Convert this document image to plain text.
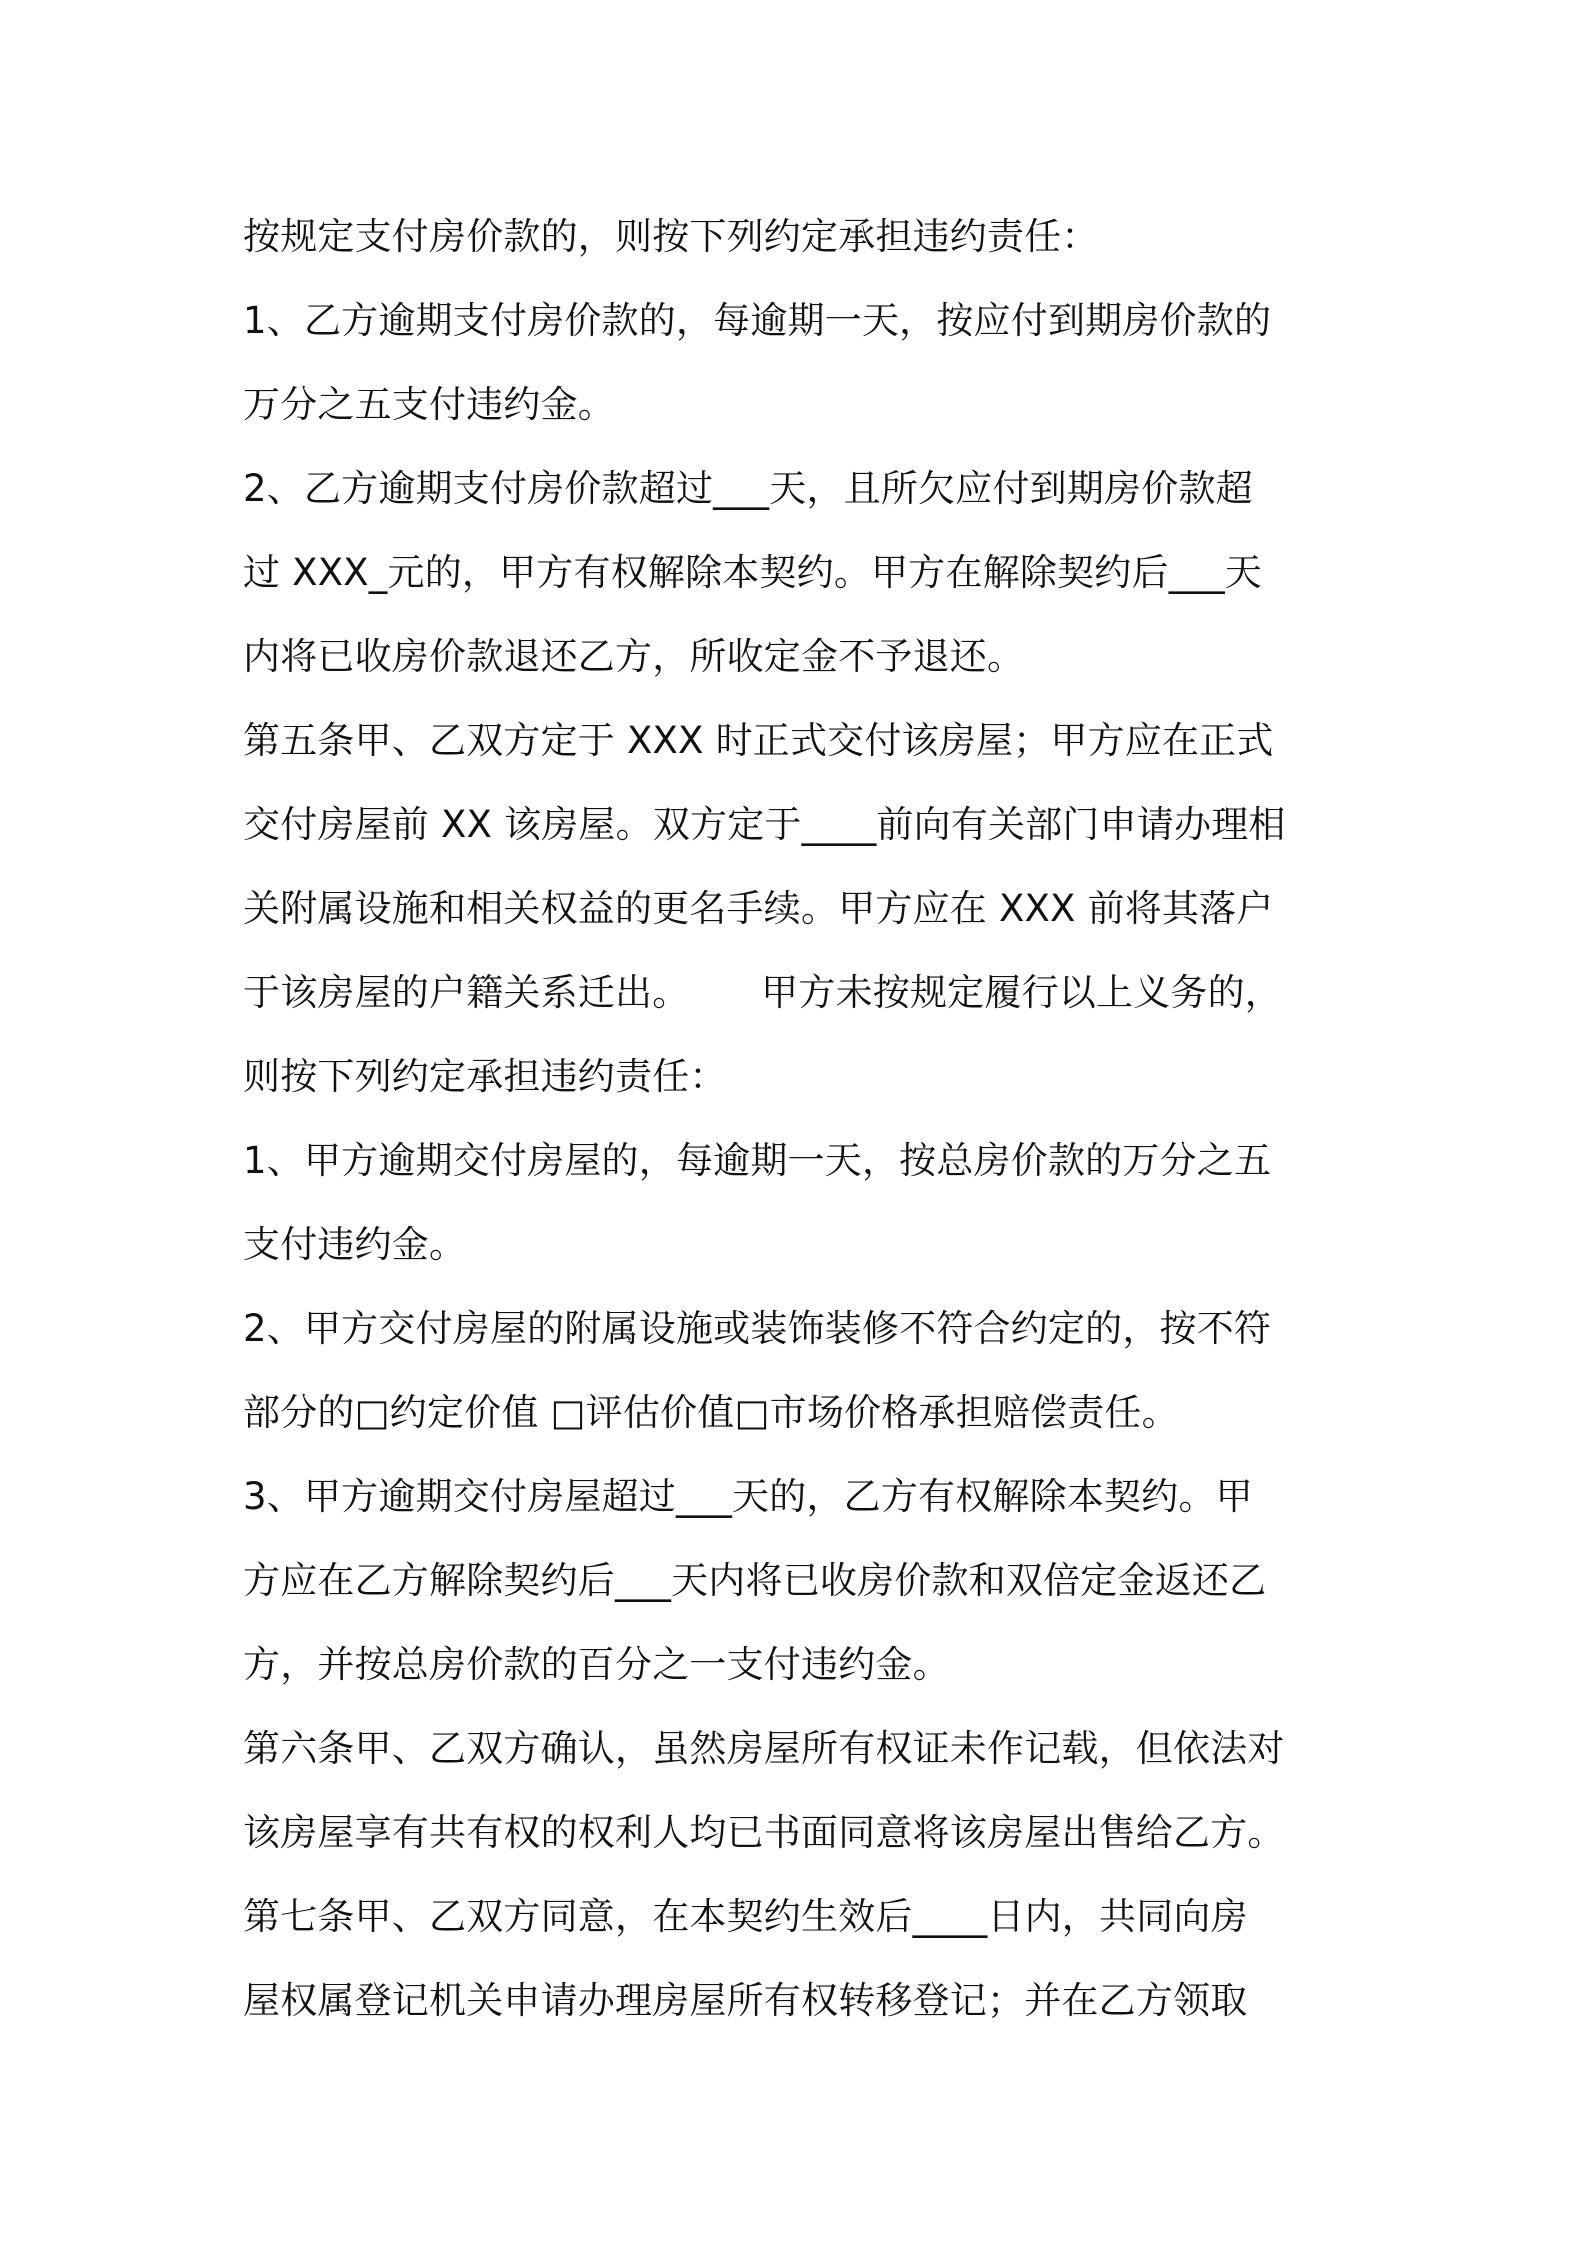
按规定支付房价款的，则按下列约定承担违约责任：
1、乙方逾期支付房价款的，每逾期一天，按应付到期房价款的
万分之五支付违约金。
2、乙方逾期支付房价款超过___天，且所欠应付到期房价款超
过 XXX_元的，甲方有权解除本契约。甲方在解除契约后___天
内将已收房价款退还乙方，所收定金不予退还。
第五条甲、乙双方定于 XXX 时正式交付该房屋；甲方应在正式
交付房屋前 XX 该房屋。双方定于____前向有关部门申请办理相
关附属设施和相关权益的更名手续。甲方应在 XXX 前将其落户
于该房屋的户籍关系迁出。      甲方未按规定履行以上义务的，
则按下列约定承担违约责任：
1、甲方逾期交付房屋的，每逾期一天，按总房价款的万分之五
支付违约金。
2、甲方交付房屋的附属设施或装饰装修不符合约定的，按不符
部分的□约定价值 □评估价值□市场价格承担赔偿责任。
3、甲方逾期交付房屋超过___天的，乙方有权解除本契约。甲
方应在乙方解除契约后___天内将已收房价款和双倍定金返还乙
方，并按总房价款的百分之一支付违约金。
第六条甲、乙双方确认，虽然房屋所有权证未作记载，但依法对
该房屋享有共有权的权利人均已书面同意将该房屋出售给乙方。
第七条甲、乙双方同意，在本契约生效后____日内，共同向房
屋权属登记机关申请办理房屋所有权转移登记；并在乙方领取
